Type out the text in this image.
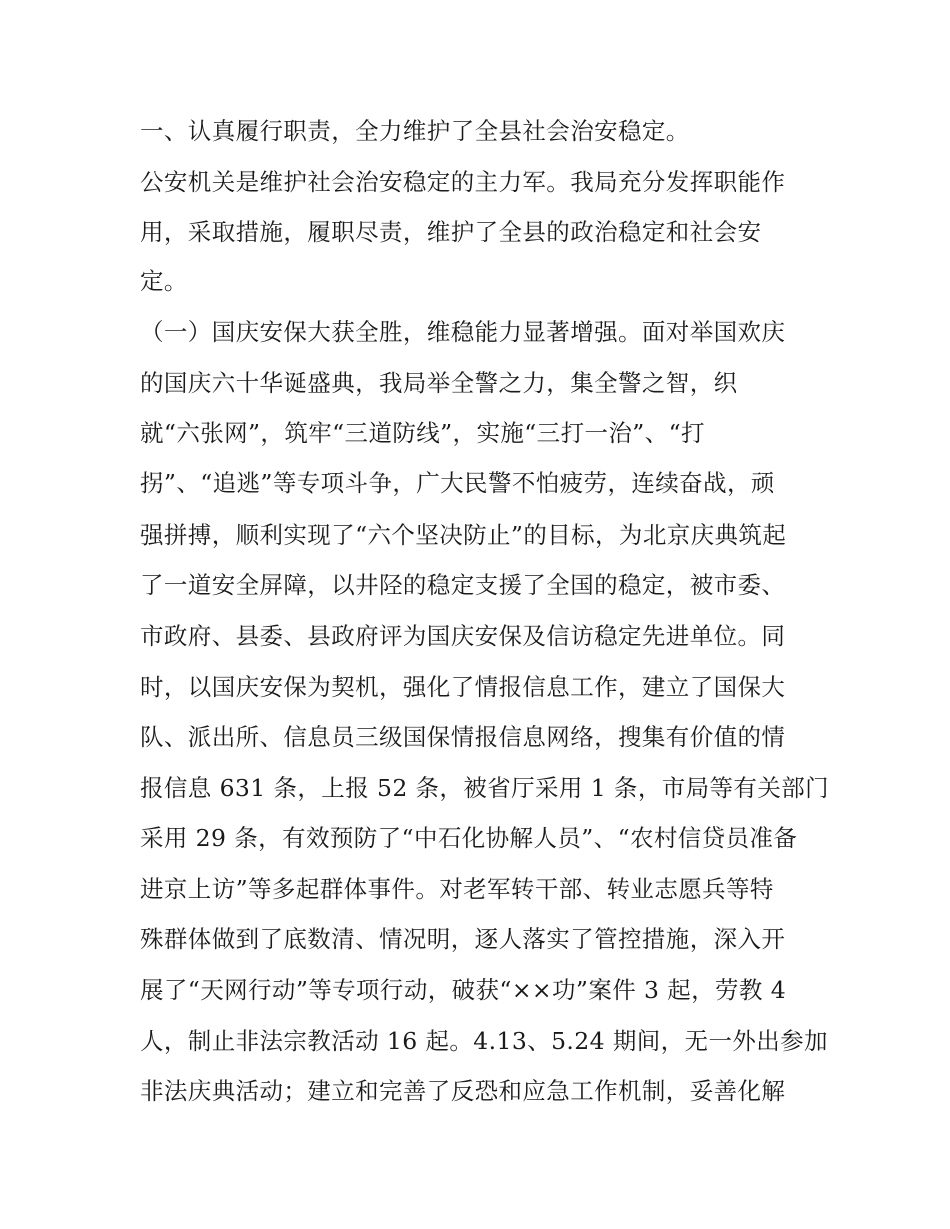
一、认真履行职责，全力维护了全县社会治安稳定。
公安机关是维护社会治安稳定的主力军。我局充分发挥职能作
用，采取措施，履职尽责，维护了全县的政治稳定和社会安
定。
（一）国庆安保大获全胜，维稳能力显著增强。面对举国欢庆
的国庆六十华诞盛典，我局举全警之力，集全警之智，织
就“六张网”，筑牢“三道防线”，实施“三打一治”、“打
拐”、“追逃”等专项斗争，广大民警不怕疲劳，连续奋战，顽
强拼搏，顺利实现了“六个坚决防止”的目标，为北京庆典筑起
了一道安全屏障，以井陉的稳定支援了全国的稳定，被市委、
市政府、县委、县政府评为国庆安保及信访稳定先进单位。同
时，以国庆安保为契机，强化了情报信息工作，建立了国保大
队、派出所、信息员三级国保情报信息网络，搜集有价值的情
报信息 631 条，上报 52 条，被省厅采用 1 条，市局等有关部门
采用 29 条，有效预防了“中石化协解人员”、“农村信贷员准备
进京上访”等多起群体事件。对老军转干部、转业志愿兵等特
殊群体做到了底数清、情况明，逐人落实了管控措施，深入开
展了“天网行动”等专项行动，破获“××功”案件 3 起，劳教 4
人，制止非法宗教活动 16 起。4.13、5.24 期间，无一外出参加
非法庆典活动；建立和完善了反恐和应急工作机制，妥善化解
